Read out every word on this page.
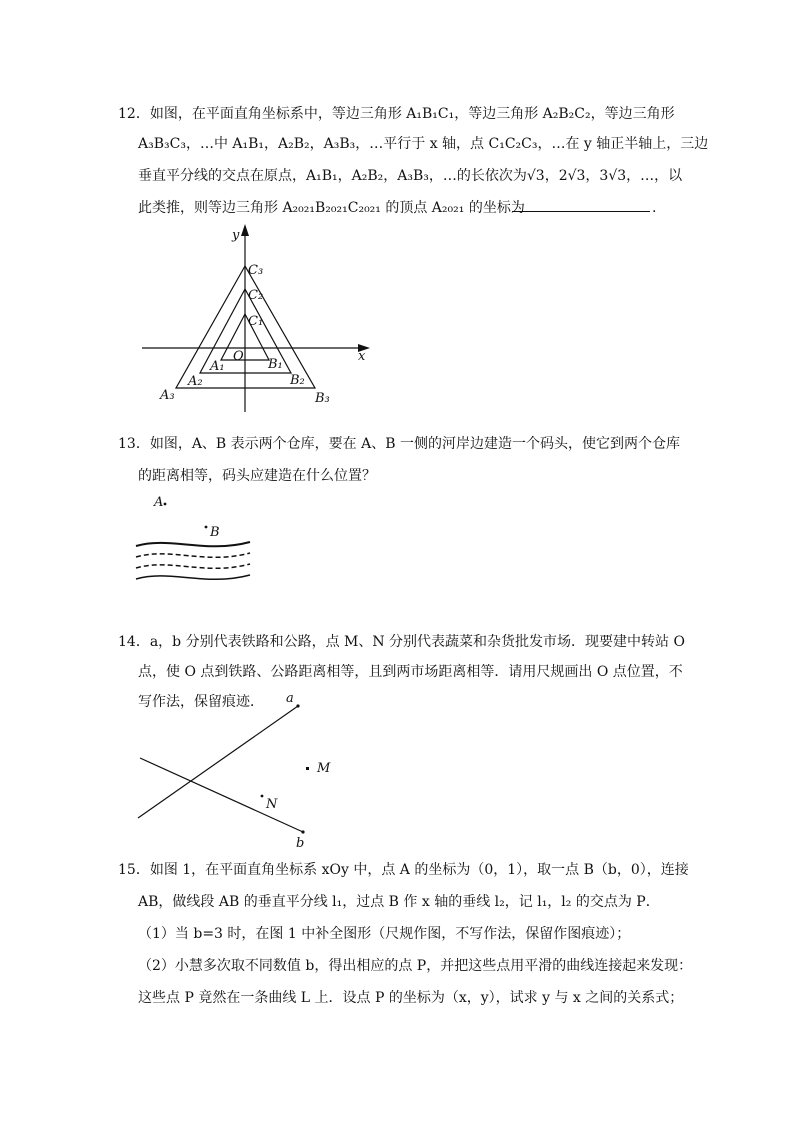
12．如图，在平面直角坐标系中，等边三角形 A₁B₁C₁，等边三角形 A₂B₂C₂，等边三角形
A₃B₃C₃，…中 A₁B₁，A₂B₂，A₃B₃，…平行于 x 轴，点 C₁C₂C₃，…在 y 轴正半轴上，三边
垂直平分线的交点在原点，A₁B₁，A₂B₂，A₃B₃，…的长依次为√3，2√3，3√3，…，以
此类推，则等边三角形 A₂₀₂₁B₂₀₂₁C₂₀₂₁ 的顶点 A₂₀₂₁ 的坐标为	.
y
x
O
C₃
C₂
C₁
A₁	B₁
A₂	B₂
A₃	B₃
13．如图，A、B 表示两个仓库，要在 A、B 一侧的河岸边建造一个码头，使它到两个仓库
的距离相等，码头应建造在什么位置？
A
B
14．a，b 分别代表铁路和公路，点 M、N 分别代表蔬菜和杂货批发市场．现要建中转站 O
点，使 O 点到铁路、公路距离相等，且到两市场距离相等．请用尺规画出 O 点位置，不
写作法，保留痕迹．	a
b
M
N
15．如图 1，在平面直角坐标系 xOy 中，点 A 的坐标为（0，1），取一点 B（b，0），连接
AB，做线段 AB 的垂直平分线 l₁，过点 B 作 x 轴的垂线 l₂，记 l₁，l₂ 的交点为 P．
（1）当 b=3 时，在图 1 中补全图形（尺规作图，不写作法，保留作图痕迹）；
（2）小慧多次取不同数值 b，得出相应的点 P，并把这些点用平滑的曲线连接起来发现：
这些点 P 竟然在一条曲线 L 上．设点 P 的坐标为（x，y），试求 y 与 x 之间的关系式；
